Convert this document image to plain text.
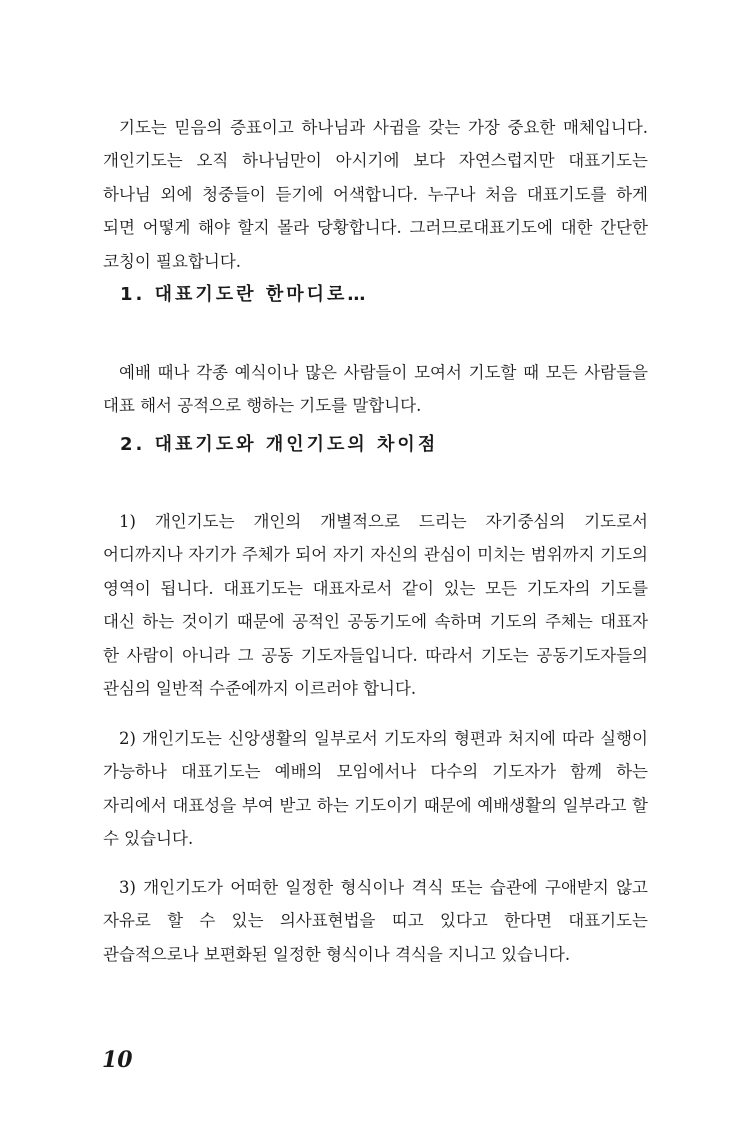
기도는 믿음의 증표이고 하나님과 사귐을 갖는 가장 중요한 매체입니다. 개인기도는 오직 하나님만이 아시기에 보다 자연스럽지만 대표기도는 하나님 외에 청중들이 듣기에 어색합니다. 누구나 처음 대표기도를 하게 되면 어떻게 해야 할지 몰라 당황합니다. 그러므로대표기도에 대한 간단한 코칭이 필요합니다.

1. 대표기도란 한마디로…

예배 때나 각종 예식이나 많은 사람들이 모여서 기도할 때 모든 사람들을 대표 해서 공적으로 행하는 기도를 말합니다.

2. 대표기도와 개인기도의 차이점

1) 개인기도는 개인의 개별적으로 드리는 자기중심의 기도로서 어디까지나 자기가 주체가 되어 자기 자신의 관심이 미치는 범위까지 기도의 영역이 됩니다. 대표기도는 대표자로서 같이 있는 모든 기도자의 기도를 대신 하는 것이기 때문에 공적인 공동기도에 속하며 기도의 주체는 대표자 한 사람이 아니라 그 공동 기도자들입니다. 따라서 기도는 공동기도자들의 관심의 일반적 수준에까지 이르러야 합니다.

2) 개인기도는 신앙생활의 일부로서 기도자의 형편과 처지에 따라 실행이 가능하나 대표기도는 예배의 모임에서나 다수의 기도자가 함께 하는 자리에서 대표성을 부여 받고 하는 기도이기 때문에 예배생활의 일부라고 할 수 있습니다.

3) 개인기도가 어떠한 일정한 형식이나 격식 또는 습관에 구애받지 않고 자유로 할 수 있는 의사표현법을 띠고 있다고 한다면 대표기도는 관습적으로나 보편화된 일정한 형식이나 격식을 지니고 있습니다.

10
